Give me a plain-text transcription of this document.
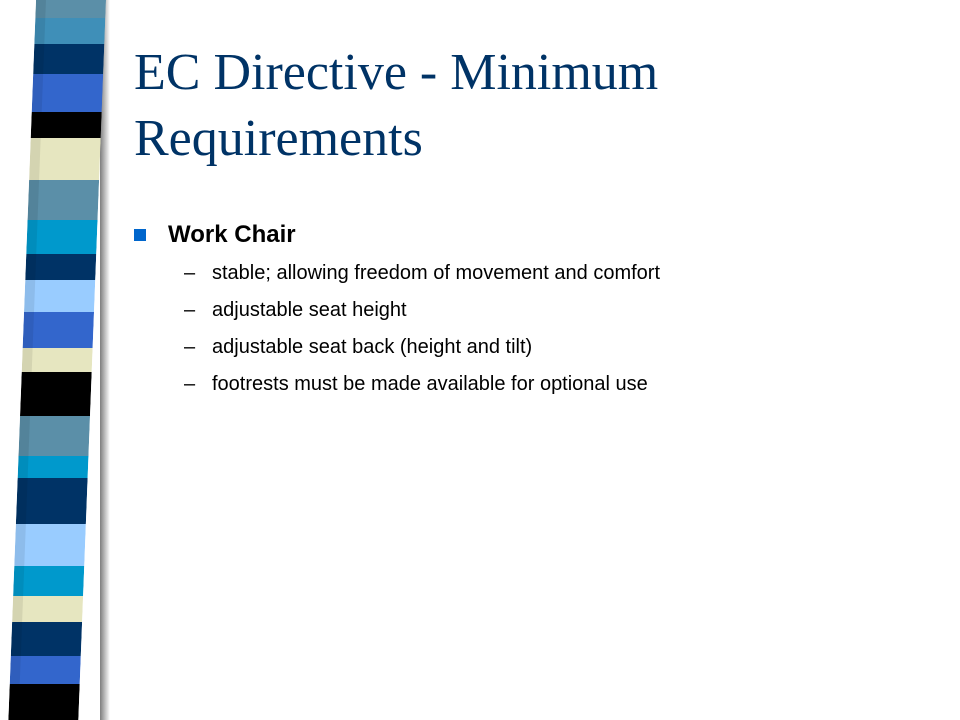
EC Directive - Minimum Requirements
Work Chair
– stable; allowing freedom of movement and comfort
– adjustable seat height
– adjustable seat back (height and tilt)
– footrests must be made available for optional use
